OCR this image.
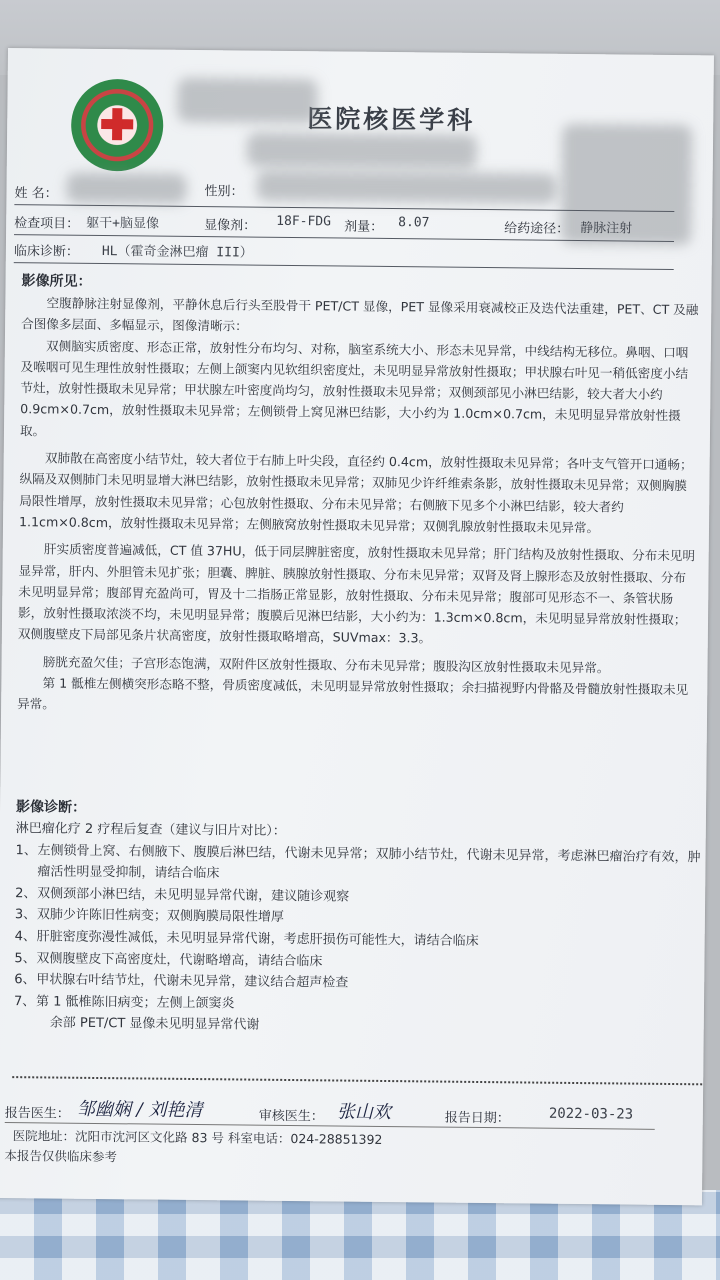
医院核医学科
姓 名：	性别：
检查项目： 躯干+脑显像	显像剂： 18F-FDG 剂量： 8.07	给药途径： 静脉注射
临床诊断： HL（霍奇金淋巴瘤 III）
影像所见：

空腹静脉注射显像剂，平静休息后行头至股骨干 PET/CT 显像，PET 显像采用衰减校正及迭代法重建，PET、CT 及融合图像多层面、多幅显示，图像清晰示：

双侧脑实质密度、形态正常，放射性分布均匀、对称，脑室系统大小、形态未见异常，中线结构无移位。鼻咽、口咽及喉咽可见生理性放射性摄取；左侧上颌窦内见软组织密度灶，未见明显异常放射性摄取；甲状腺右叶见一稍低密度小结节灶，放射性摄取未见异常；甲状腺左叶密度尚均匀，放射性摄取未见异常；双侧颈部见小淋巴结影，较大者大小约 0.9cm×0.7cm，放射性摄取未见异常；左侧锁骨上窝见淋巴结影，大小约为 1.0cm×0.7cm，未见明显异常放射性摄取。

双肺散在高密度小结节灶，较大者位于右肺上叶尖段，直径约 0.4cm，放射性摄取未见异常；各叶支气管开口通畅；纵隔及双侧肺门未见明显增大淋巴结影，放射性摄取未见异常；双肺见少许纤维索条影，放射性摄取未见异常；双侧胸膜局限性增厚，放射性摄取未见异常；心包放射性摄取、分布未见异常；右侧腋下见多个小淋巴结影，较大者约 1.1cm×0.8cm，放射性摄取未见异常；左侧腋窝放射性摄取未见异常；双侧乳腺放射性摄取未见异常。

肝实质密度普遍减低，CT 值 37HU，低于同层脾脏密度，放射性摄取未见异常；肝门结构及放射性摄取、分布未见明显异常，肝内、外胆管未见扩张；胆囊、脾脏、胰腺放射性摄取、分布未见异常；双肾及肾上腺形态及放射性摄取、分布未见明显异常；腹部胃充盈尚可，胃及十二指肠正常显影，放射性摄取、分布未见异常；腹部可见形态不一、条管状肠影，放射性摄取浓淡不均，未见明显异常；腹膜后见淋巴结影，大小约为：1.3cm×0.8cm，未见明显异常放射性摄取；双侧腹壁皮下局部见条片状高密度，放射性摄取略增高，SUVmax：3.3。

膀胱充盈欠佳；子宫形态饱满，双附件区放射性摄取、分布未见异常；腹股沟区放射性摄取未见异常。

第 1 骶椎左侧横突形态略不整，骨质密度减低，未见明显异常放射性摄取；余扫描视野内骨骼及骨髓放射性摄取未见异常。

影像诊断：
淋巴瘤化疗 2 疗程后复查（建议与旧片对比）：
1、 左侧锁骨上窝、右侧腋下、腹膜后淋巴结，代谢未见异常；双肺小结节灶，代谢未见异常，考虑淋巴瘤治疗有效，肿瘤活性明显受抑制，请结合临床
2、 双侧颈部小淋巴结，未见明显异常代谢，建议随诊观察
3、 双肺少许陈旧性病变；双侧胸膜局限性增厚
4、 肝脏密度弥漫性减低，未见明显异常代谢，考虑肝损伤可能性大，请结合临床
5、 双侧腹壁皮下高密度灶，代谢略增高，请结合临床
6、 甲状腺右叶结节灶，代谢未见异常，建议结合超声检查
7、 第 1 骶椎陈旧病变；左侧上颌窦炎
余部 PET/CT 显像未见明显异常代谢
报告医生： 邹幽娴 / 刘艳清	审核医生： 张山欢	报告日期：	2022-03-23
医院地址：沈阳市沈河区文化路 83 号 科室电话：024-28851392
本报告仅供临床参考
